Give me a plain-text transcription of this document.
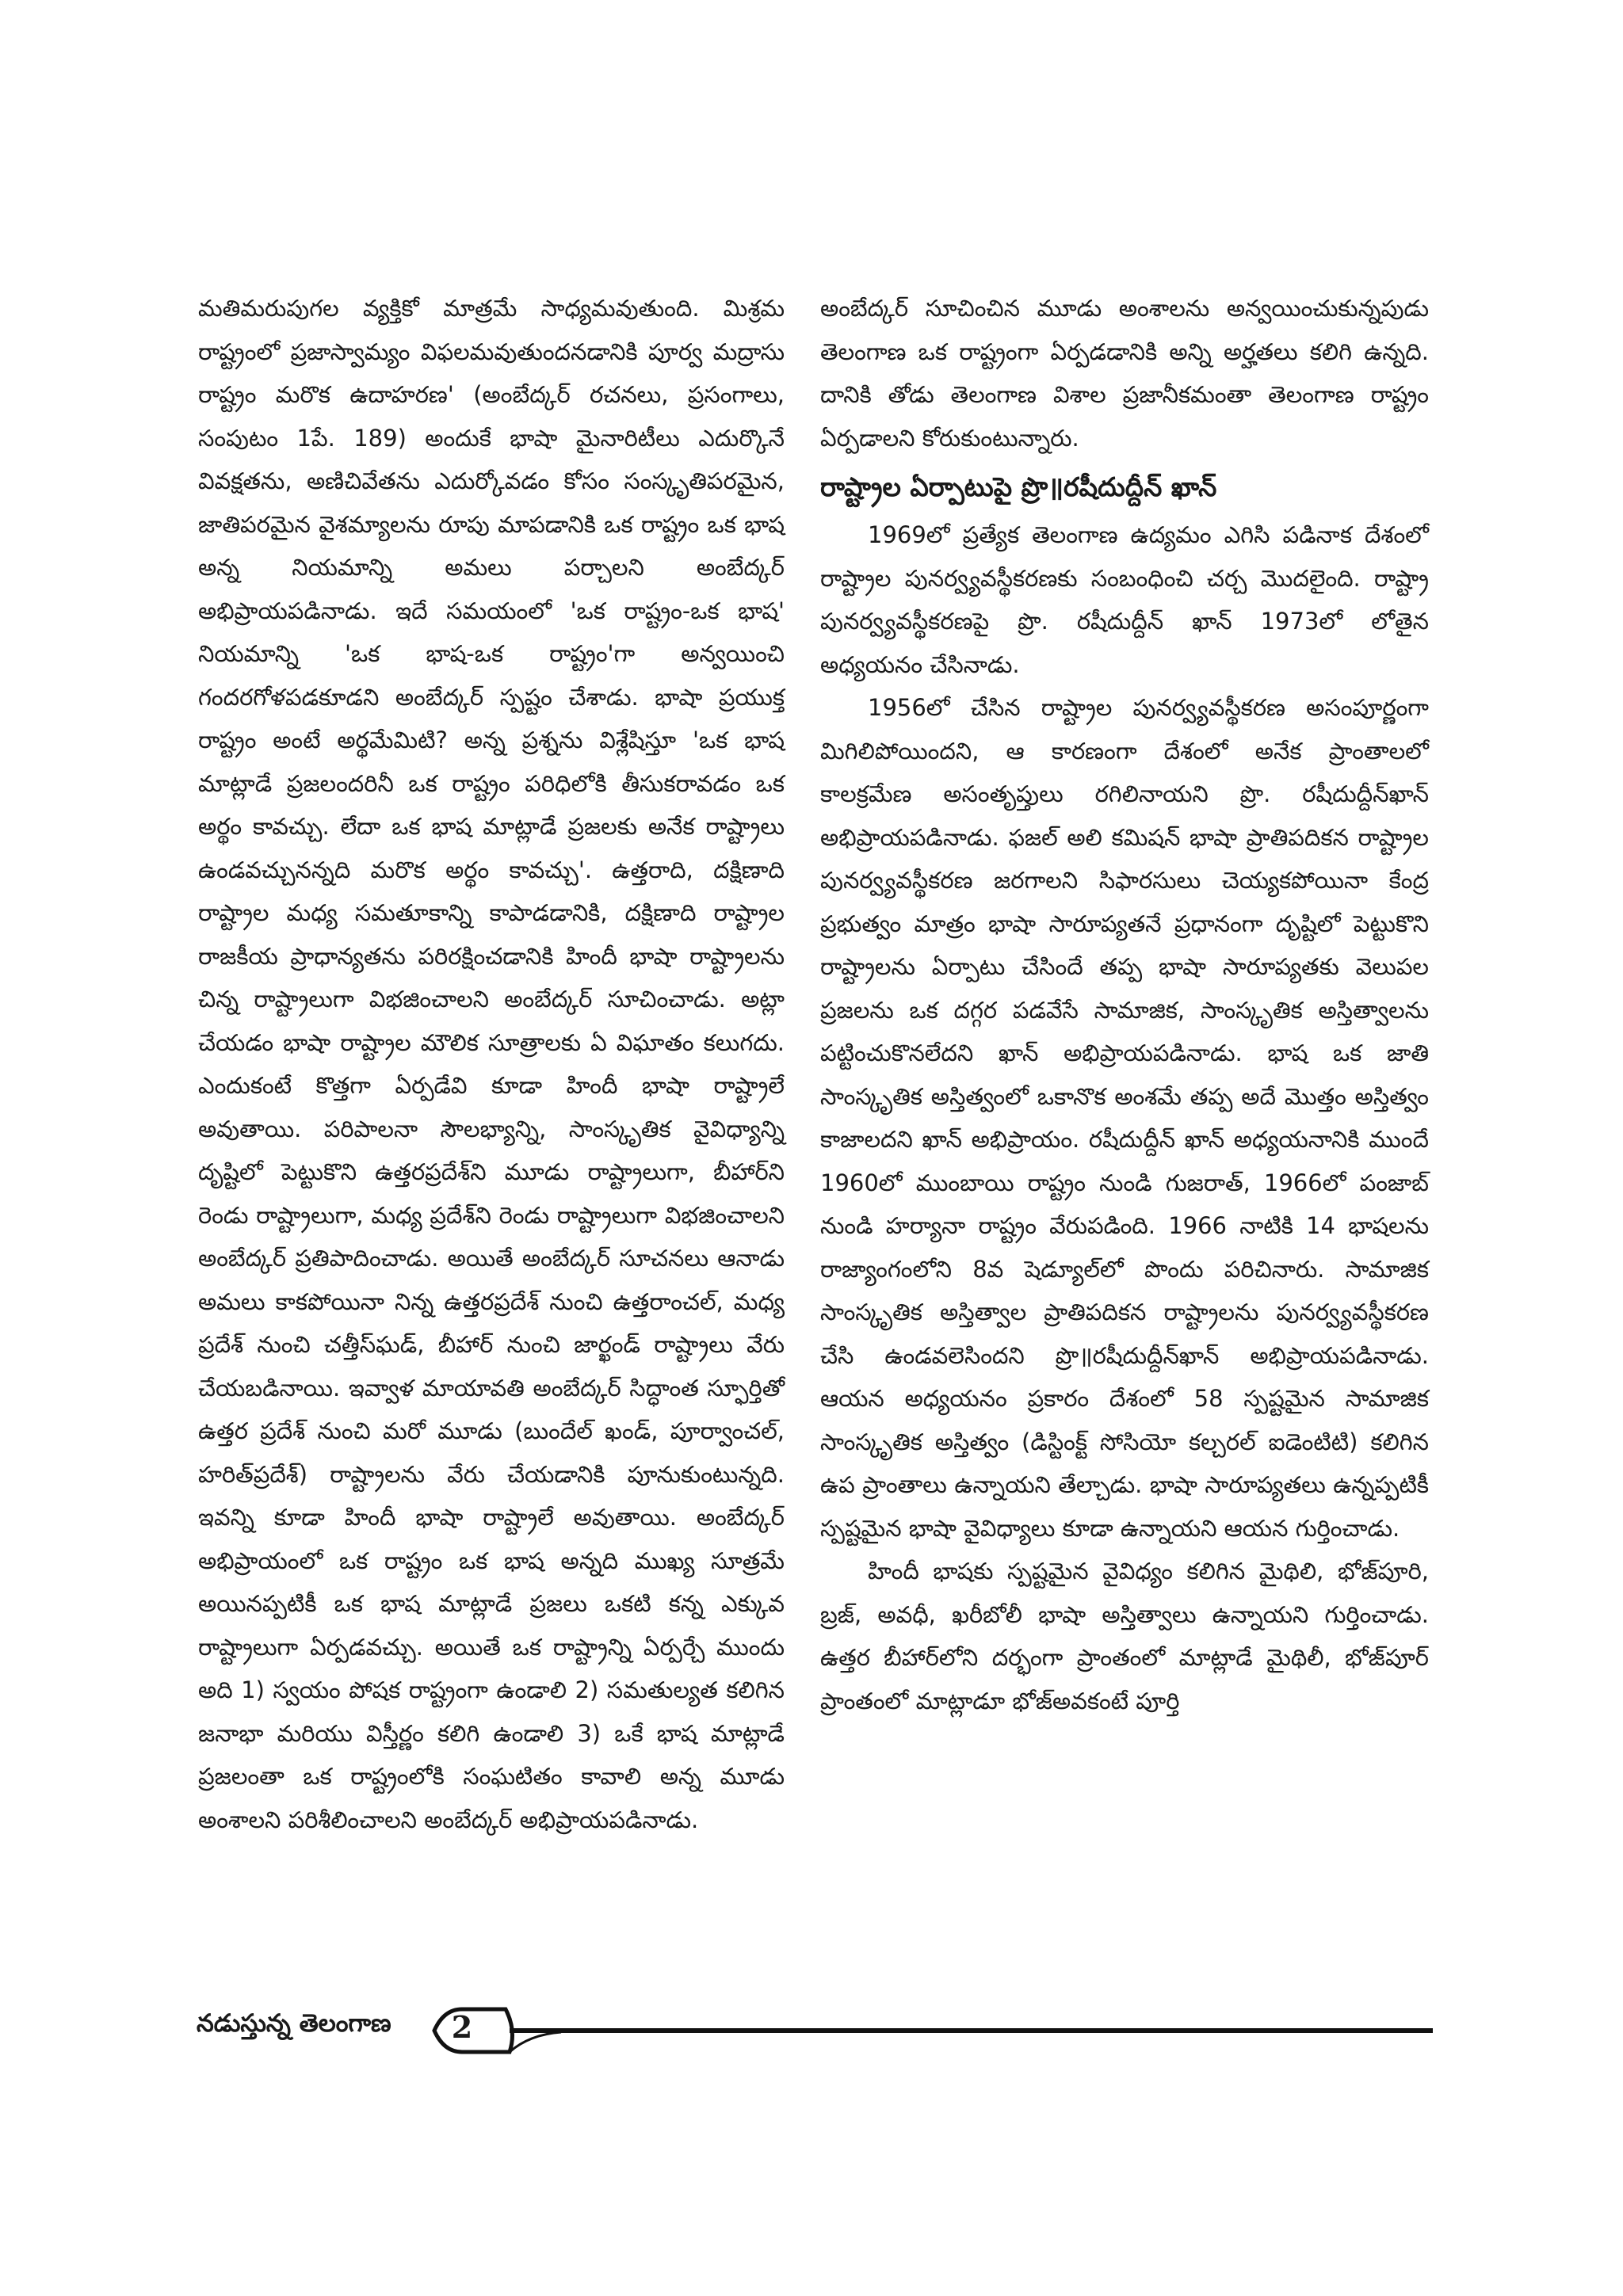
మతిమరుపుగల వ్యక్తికో మాత్రమే సాధ్యమవుతుంది. మిశ్రమ రాష్ట్రంలో ప్రజాస్వామ్యం విఫలమవుతుందనడానికి పూర్వ మద్రాసు రాష్ట్రం మరొక ఉదాహరణ' (అంబేద్కర్ రచనలు, ప్రసంగాలు, సంపుటం 1పే. 189) అందుకే భాషా మైనారిటీలు ఎదుర్కొనే వివక్షతను, అణిచివేతను ఎదుర్కోవడం కోసం సంస్కృతిపరమైన, జాతిపరమైన వైశమ్యాలను రూపు మాపడానికి ఒక రాష్ట్రం ఒక భాష అన్న నియమాన్ని అమలు పర్చాలని అంబేద్కర్ అభిప్రాయపడినాడు. ఇదే సమయంలో 'ఒక రాష్ట్రం-ఒక భాష' నియమాన్ని 'ఒక భాష-ఒక రాష్ట్రం'గా అన్వయించి గందరగోళపడకూడని అంబేద్కర్ స్పష్టం చేశాడు. భాషా ప్రయుక్త రాష్ట్రం అంటే అర్థమేమిటి? అన్న ప్రశ్నను విశ్లేషిస్తూ 'ఒక భాష మాట్లాడే ప్రజలందరినీ ఒక రాష్ట్రం పరిధిలోకి తీసుకరావడం ఒక అర్థం కావచ్చు. లేదా ఒక భాష మాట్లాడే ప్రజలకు అనేక రాష్ట్రాలు ఉండవచ్చునన్నది మరొక అర్థం కావచ్చు'. ఉత్తరాది, దక్షిణాది రాష్ట్రాల మధ్య సమతూకాన్ని కాపాడడానికి, దక్షిణాది రాష్ట్రాల రాజకీయ ప్రాధాన్యతను పరిరక్షించడానికి హిందీ భాషా రాష్ట్రాలను చిన్న రాష్ట్రాలుగా విభజించాలని అంబేద్కర్ సూచించాడు. అట్లా చేయడం భాషా రాష్ట్రాల మౌలిక సూత్రాలకు ఏ విఘాతం కలుగదు. ఎందుకంటే కొత్తగా ఏర్పడేవి కూడా హిందీ భాషా రాష్ట్రాలే అవుతాయి. పరిపాలనా సౌలభ్యాన్ని, సాంస్కృతిక వైవిధ్యాన్ని దృష్టిలో పెట్టుకొని ఉత్తరప్రదేశ్‌ని మూడు రాష్ట్రాలుగా, బీహార్‌ని రెండు రాష్ట్రాలుగా, మధ్య ప్రదేశ్‌ని రెండు రాష్ట్రాలుగా విభజించాలని అంబేద్కర్ ప్రతిపాదించాడు. అయితే అంబేద్కర్ సూచనలు ఆనాడు అమలు కాకపోయినా నిన్న ఉత్తరప్రదేశ్ నుంచి ఉత్తరాంచల్, మధ్య ప్రదేశ్ నుంచి చత్తీస్‌ఘడ్, బీహార్ నుంచి జార్ఖండ్ రాష్ట్రాలు వేరు చేయబడినాయి. ఇవ్వాళ మాయావతి అంబేద్కర్ సిద్ధాంత స్ఫూర్తితో ఉత్తర ప్రదేశ్ నుంచి మరో మూడు (బుందేల్ ఖండ్, పూర్వాంచల్, హరిత్‌ప్రదేశ్) రాష్ట్రాలను వేరు చేయడానికి పూనుకుంటున్నది. ఇవన్ని కూడా హిందీ భాషా రాష్ట్రాలే అవుతాయి. అంబేద్కర్ అభిప్రాయంలో ఒక రాష్ట్రం ఒక భాష అన్నది ముఖ్య సూత్రమే అయినప్పటికీ ఒక భాష మాట్లాడే ప్రజలు ఒకటి కన్న ఎక్కువ రాష్ట్రాలుగా ఏర్పడవచ్చు. అయితే ఒక రాష్ట్రాన్ని ఏర్పర్చే ముందు అది 1) స్వయం పోషక రాష్ట్రంగా ఉండాలి 2) సమతుల్యత కలిగిన జనాభా మరియు విస్తీర్ణం కలిగి ఉండాలి 3) ఒకే భాష మాట్లాడే ప్రజలంతా ఒక రాష్ట్రంలోకి సంఘటితం కావాలి అన్న మూడు అంశాలని పరిశీలించాలని అంబేద్కర్ అభిప్రాయపడినాడు.

అంబేద్కర్ సూచించిన మూడు అంశాలను అన్వయించుకున్నపుడు తెలంగాణ ఒక రాష్ట్రంగా ఏర్పడడానికి అన్ని అర్హతలు కలిగి ఉన్నది. దానికి తోడు తెలంగాణ విశాల ప్రజానీకమంతా తెలంగాణ రాష్ట్రం ఏర్పడాలని కోరుకుంటున్నారు.

రాష్ట్రాల ఏర్పాటుపై ప్రొ॥రషీదుద్దీన్ ఖాన్

1969లో ప్రత్యేక తెలంగాణ ఉద్యమం ఎగిసి పడినాక దేశంలో రాష్ట్రాల పునర్వ్యవస్థీకరణకు సంబంధించి చర్చ మొదలైంది. రాష్ట్రా పునర్వ్యవస్థీకరణపై ప్రొ. రషీదుద్దీన్ ఖాన్ 1973లో లోతైన అధ్యయనం చేసినాడు.

1956లో చేసిన రాష్ట్రాల పునర్వ్యవస్థీకరణ అసంపూర్ణంగా మిగిలిపోయిందని, ఆ కారణంగా దేశంలో అనేక ప్రాంతాలలో కాలక్రమేణ అసంతృప్తులు రగిలినాయని ప్రొ. రషీదుద్దీన్‌ఖాన్ అభిప్రాయపడినాడు. ఫజల్ అలి కమిషన్ భాషా ప్రాతిపదికన రాష్ట్రాల పునర్వ్యవస్థీకరణ జరగాలని సిఫారసులు చెయ్యకపోయినా కేంద్ర ప్రభుత్వం మాత్రం భాషా సారూప్యతనే ప్రధానంగా దృష్టిలో పెట్టుకొని రాష్ట్రాలను ఏర్పాటు చేసిందే తప్ప భాషా సారూప్యతకు వెలుపల ప్రజలను ఒక దగ్గర పడవేసే సామాజిక, సాంస్కృతిక అస్తిత్వాలను పట్టించుకొనలేదని ఖాన్ అభిప్రాయపడినాడు. భాష ఒక జాతి సాంస్కృతిక అస్తిత్వంలో ఒకానొక అంశమే తప్ప అదే మొత్తం అస్తిత్వం కాజాలదని ఖాన్ అభిప్రాయం. రషీదుద్దీన్ ఖాన్ అధ్యయనానికి ముందే 1960లో ముంబాయి రాష్ట్రం నుండి గుజరాత్, 1966లో పంజాబ్ నుండి హర్యానా రాష్ట్రం వేరుపడింది. 1966 నాటికి 14 భాషలను రాజ్యాంగంలోని 8వ షెడ్యూల్‌లో పొందు పరిచినారు. సామాజిక సాంస్కృతిక అస్తిత్వాల ప్రాతిపదికన రాష్ట్రాలను పునర్వ్యవస్థీకరణ చేసి ఉండవలెసిందని ప్రొ॥రషీదుద్దీన్‌ఖాన్ అభిప్రాయపడినాడు. ఆయన అధ్యయనం ప్రకారం దేశంలో 58 స్పష్టమైన సామాజిక సాంస్కృతిక అస్తిత్వం (డిస్టింక్ట్ సోసియో కల్చరల్ ఐడెంటిటి) కలిగిన ఉప ప్రాంతాలు ఉన్నాయని తేల్చాడు. భాషా సారూప్యతలు ఉన్నప్పటికీ స్పష్టమైన భాషా వైవిధ్యాలు కూడా ఉన్నాయని ఆయన గుర్తించాడు.

హిందీ భాషకు స్పష్టమైన వైవిధ్యం కలిగిన మైథిలి, భోజ్‌పూరి, బ్రజ్, అవధీ, ఖరీబోలీ భాషా అస్తిత్వాలు ఉన్నాయని గుర్తించాడు. ఉత్తర బీహార్‌లోని దర్భంగా ప్రాంతంలో మాట్లాడే మైథిలీ, భోజ్‌పూర్ ప్రాంతంలో మాట్లాడూ భోజ్‌అవకంటే పూర్తి

నడుస్తున్న తెలంగాణ	2
